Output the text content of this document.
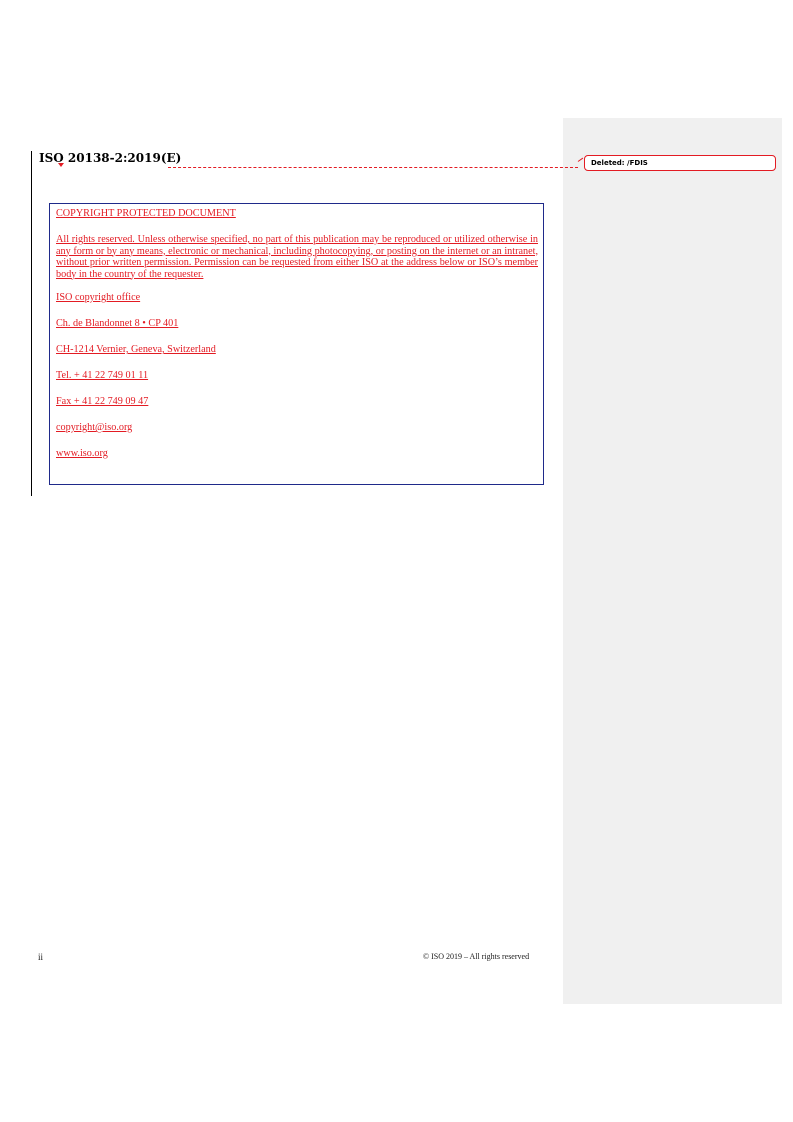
ISO 20138-2:2019(E)	Deleted: /FDIS

COPYRIGHT PROTECTED DOCUMENT

All rights reserved. Unless otherwise specified, no part of this publication may be reproduced or utilized otherwise in any form or by any means, electronic or mechanical, including photocopying, or posting on the internet or an intranet, without prior written permission. Permission can be requested from either ISO at the address below or ISO’s member body in the country of the requester.

ISO copyright office

Ch. de Blandonnet 8 • CP 401

CH-1214 Vernier, Geneva, Switzerland

Tel. + 41 22 749 01 11

Fax + 41 22 749 09 47

copyright@iso.org

www.iso.org

ii	© ISO 2019 – All rights reserved
